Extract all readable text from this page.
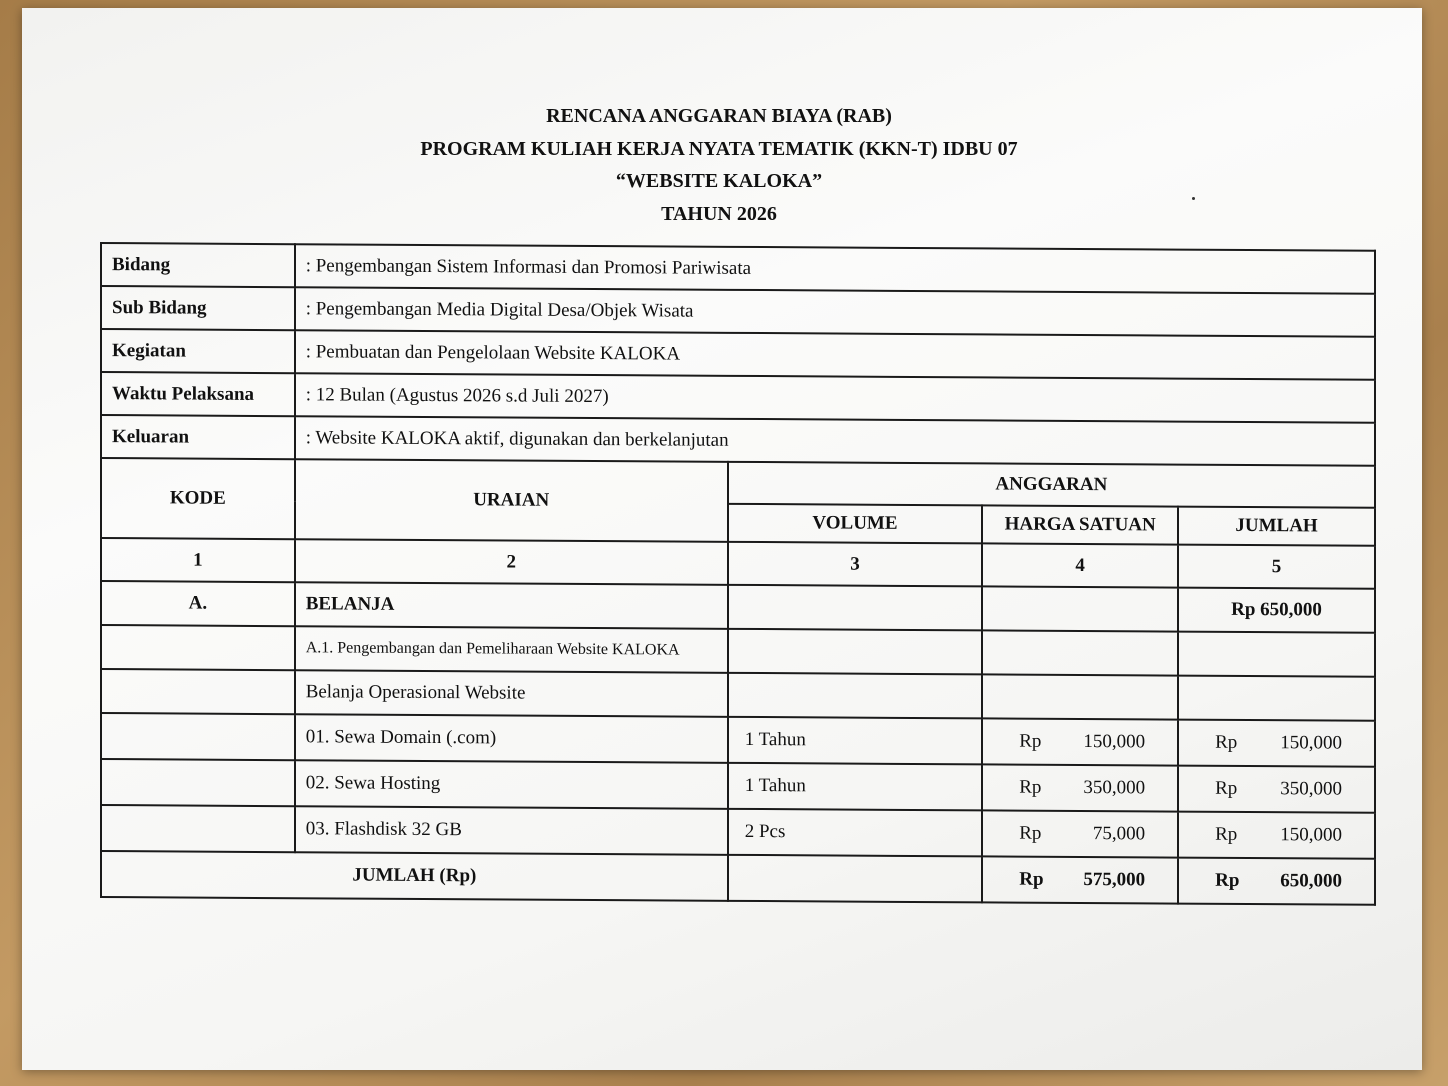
RENCANA ANGGARAN BIAYA (RAB)
PROGRAM KULIAH KERJA NYATA TEMATIK (KKN-T) IDBU 07
“WEBSITE KALOKA”
TAHUN 2026
Bidang	: Pengembangan Sistem Informasi dan Promosi Pariwisata			
Sub Bidang	: Pengembangan Media Digital Desa/Objek Wisata			
Kegiatan	: Pembuatan dan Pengelolaan Website KALOKA			
Waktu Pelaksana	: 12 Bulan (Agustus 2026 s.d Juli 2027)			
Keluaran	: Website KALOKA aktif, digunakan dan berkelanjutan			
KODE	URAIAN	ANGGARAN		
		VOLUME	HARGA SATUAN	JUMLAH
1	2	3	4	5
A.	BELANJA			Rp 650,000
	A.1. Pengembangan dan Pemeliharaan Website KALOKA			
	Belanja Operasional Website			
	01. Sewa Domain (.com)	1 Tahun	Rp 150,000	Rp 150,000

	02. Sewa Hosting	1 Tahun	Rp 350,000	Rp 350,000

	03. Flashdisk 32 GB	2 Pcs	Rp 75,000	Rp 150,000

JUMLAH (Rp)			Rp 575,000	Rp 650,000
